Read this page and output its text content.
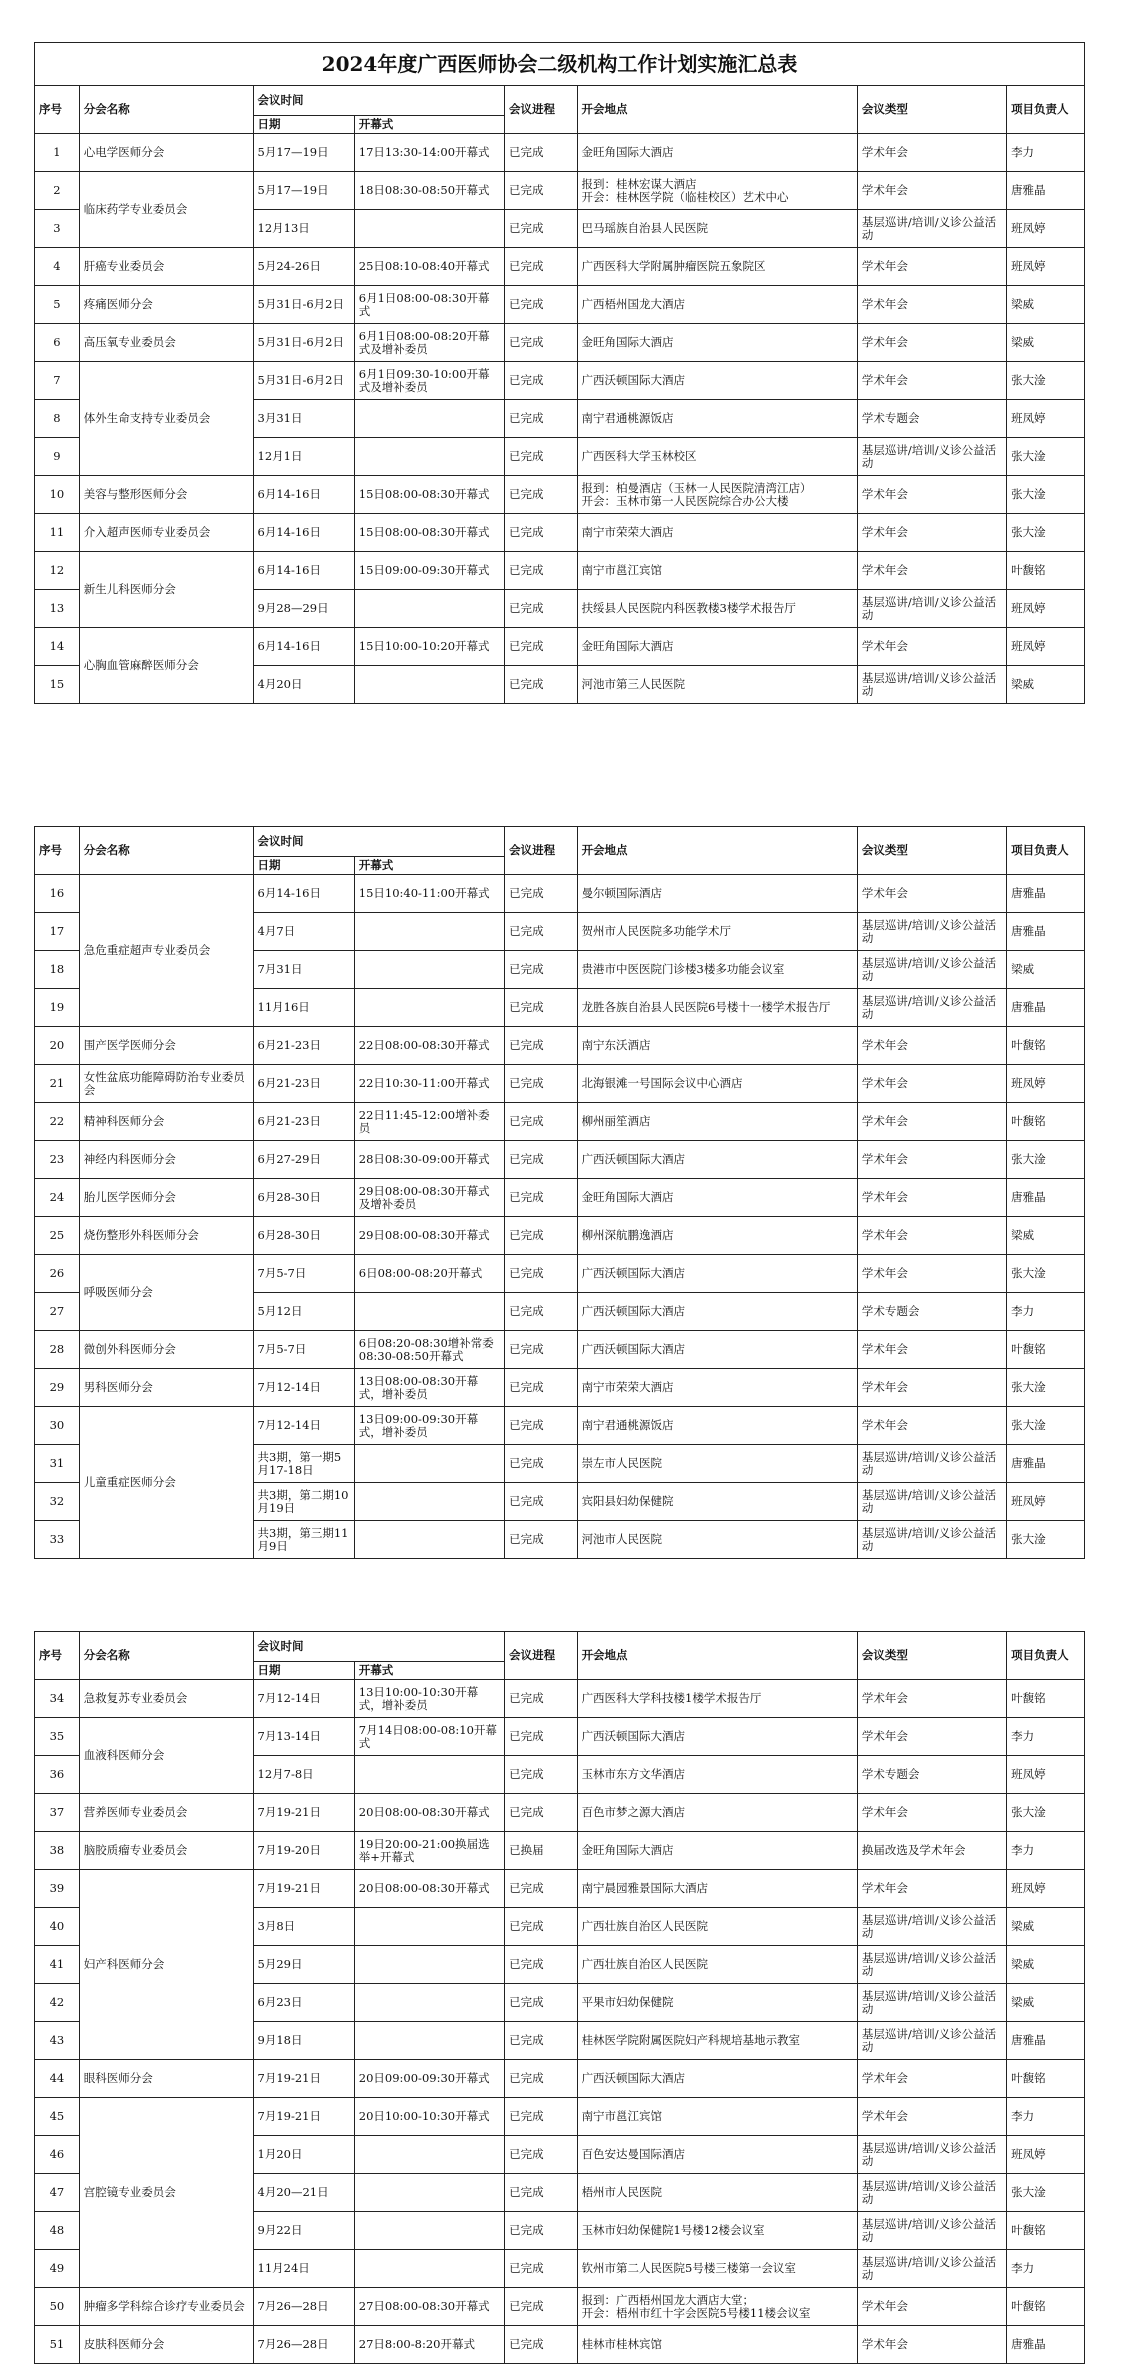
2024年度广西医师协会二级机构工作计划实施汇总表							
序号	分会名称	会议时间		会议进程	开会地点	会议类型	项目负责人
		日期	开幕式				
1	心电学医师分会	5月17—19日	17日13:30-14:00开幕式	已完成	金旺角国际大酒店	学术年会	李力
2	临床药学专业委员会	5月17—19日	18日08:30-08:50开幕式	已完成	报到：桂林宏谋大酒店
开会：桂林医学院（临桂校区）艺术中心	学术年会	唐雅晶
3		12月13日		已完成	巴马瑶族自治县人民医院	基层巡讲/培训/义诊公益活动	班凤婷
4	肝癌专业委员会	5月24-26日	25日08:10-08:40开幕式	已完成	广西医科大学附属肿瘤医院五象院区	学术年会	班凤婷
5	疼痛医师分会	5月31日-6月2日	6月1日08:00-08:30开幕式	已完成	广西梧州国龙大酒店	学术年会	梁威
6	高压氧专业委员会	5月31日-6月2日	6月1日08:00-08:20开幕式及增补委员	已完成	金旺角国际大酒店	学术年会	梁威
7	体外生命支持专业委员会	5月31日-6月2日	6月1日09:30-10:00开幕式及增补委员	已完成	广西沃顿国际大酒店	学术年会	张大淦
8		3月31日		已完成	南宁君通桃源饭店	学术专题会	班凤婷
9		12月1日		已完成	广西医科大学玉林校区	基层巡讲/培训/义诊公益活动	张大淦
10	美容与整形医师分会	6月14-16日	15日08:00-08:30开幕式	已完成	报到：柏曼酒店（玉林一人民医院清湾江店）
开会：玉林市第一人民医院综合办公大楼	学术年会	张大淦
11	介入超声医师专业委员会	6月14-16日	15日08:00-08:30开幕式	已完成	南宁市荣荣大酒店	学术年会	张大淦
12	新生儿科医师分会	6月14-16日	15日09:00-09:30开幕式	已完成	南宁市邕江宾馆	学术年会	叶馥铭
13		9月28—29日		已完成	扶绥县人民医院内科医教楼3楼学术报告厅	基层巡讲/培训/义诊公益活动	班凤婷
14	心胸血管麻醉医师分会	6月14-16日	15日10:00-10:20开幕式	已完成	金旺角国际大酒店	学术年会	班凤婷
15		4月20日		已完成	河池市第三人民医院	基层巡讲/培训/义诊公益活动	梁威
序号	分会名称	会议时间		会议进程	开会地点	会议类型	项目负责人
		日期	开幕式				
16	急危重症超声专业委员会	6月14-16日	15日10:40-11:00开幕式	已完成	曼尔顿国际酒店	学术年会	唐雅晶
17		4月7日		已完成	贺州市人民医院多功能学术厅	基层巡讲/培训/义诊公益活动	唐雅晶
18		7月31日		已完成	贵港市中医医院门诊楼3楼多功能会议室	基层巡讲/培训/义诊公益活动	梁威
19		11月16日		已完成	龙胜各族自治县人民医院6号楼十一楼学术报告厅	基层巡讲/培训/义诊公益活动	唐雅晶
20	围产医学医师分会	6月21-23日	22日08:00-08:30开幕式	已完成	南宁东沃酒店	学术年会	叶馥铭
21	女性盆底功能障碍防治专业委员会	6月21-23日	22日10:30-11:00开幕式	已完成	北海银滩一号国际会议中心酒店	学术年会	班凤婷
22	精神科医师分会	6月21-23日	22日11:45-12:00增补委员	已完成	柳州丽笙酒店	学术年会	叶馥铭
23	神经内科医师分会	6月27-29日	28日08:30-09:00开幕式	已完成	广西沃顿国际大酒店	学术年会	张大淦
24	胎儿医学医师分会	6月28-30日	29日08:00-08:30开幕式及增补委员	已完成	金旺角国际大酒店	学术年会	唐雅晶
25	烧伤整形外科医师分会	6月28-30日	29日08:00-08:30开幕式	已完成	柳州深航鹏逸酒店	学术年会	梁威
26	呼吸医师分会	7月5-7日	6日08:00-08:20开幕式	已完成	广西沃顿国际大酒店	学术年会	张大淦
27		5月12日		已完成	广西沃顿国际大酒店	学术专题会	李力
28	微创外科医师分会	7月5-7日	6日08:20-08:30增补常委
08:30-08:50开幕式	已完成	广西沃顿国际大酒店	学术年会	叶馥铭
29	男科医师分会	7月12-14日	13日08:00-08:30开幕式，增补委员	已完成	南宁市荣荣大酒店	学术年会	张大淦
30	儿童重症医师分会	7月12-14日	13日09:00-09:30开幕式，增补委员	已完成	南宁君通桃源饭店	学术年会	张大淦
31		共3期，第一期5月17-18日		已完成	崇左市人民医院	基层巡讲/培训/义诊公益活动	唐雅晶
32		共3期，第二期10月19日		已完成	宾阳县妇幼保健院	基层巡讲/培训/义诊公益活动	班凤婷
33		共3期，第三期11月9日		已完成	河池市人民医院	基层巡讲/培训/义诊公益活动	张大淦
序号	分会名称	会议时间		会议进程	开会地点	会议类型	项目负责人
		日期	开幕式				
34	急救复苏专业委员会	7月12-14日	13日10:00-10:30开幕式，增补委员	已完成	广西医科大学科技楼1楼学术报告厅	学术年会	叶馥铭
35	血液科医师分会	7月13-14日	7月14日08:00-08:10开幕式	已完成	广西沃顿国际大酒店	学术年会	李力
36		12月7-8日		已完成	玉林市东方文华酒店	学术专题会	班凤婷
37	营养医师专业委员会	7月19-21日	20日08:00-08:30开幕式	已完成	百色市梦之源大酒店	学术年会	张大淦
38	脑胶质瘤专业委员会	7月19-20日	19日20:00-21:00换届选举+开幕式	已换届	金旺角国际大酒店	换届改选及学术年会	李力
39	妇产科医师分会	7月19-21日	20日08:00-08:30开幕式	已完成	南宁晨园雅景国际大酒店	学术年会	班凤婷
40		3月8日		已完成	广西壮族自治区人民医院	基层巡讲/培训/义诊公益活动	梁威
41		5月29日		已完成	广西壮族自治区人民医院	基层巡讲/培训/义诊公益活动	梁威
42		6月23日		已完成	平果市妇幼保健院	基层巡讲/培训/义诊公益活动	梁威
43		9月18日		已完成	桂林医学院附属医院妇产科规培基地示教室	基层巡讲/培训/义诊公益活动	唐雅晶
44	眼科医师分会	7月19-21日	20日09:00-09:30开幕式	已完成	广西沃顿国际大酒店	学术年会	叶馥铭
45	宫腔镜专业委员会	7月19-21日	20日10:00-10:30开幕式	已完成	南宁市邕江宾馆	学术年会	李力
46		1月20日		已完成	百色安达曼国际酒店	基层巡讲/培训/义诊公益活动	班凤婷
47		4月20—21日		已完成	梧州市人民医院	基层巡讲/培训/义诊公益活动	张大淦
48		9月22日		已完成	玉林市妇幼保健院1号楼12楼会议室	基层巡讲/培训/义诊公益活动	叶馥铭
49		11月24日		已完成	钦州市第二人民医院5号楼三楼第一会议室	基层巡讲/培训/义诊公益活动	李力
50	肿瘤多学科综合诊疗专业委员会	7月26—28日	27日08:00-08:30开幕式	已完成	报到：广西梧州国龙大酒店大堂；
开会：梧州市红十字会医院5号楼11楼会议室	学术年会	叶馥铭
51	皮肤科医师分会	7月26—28日	27日8:00-8:20开幕式	已完成	桂林市桂林宾馆	学术年会	唐雅晶
